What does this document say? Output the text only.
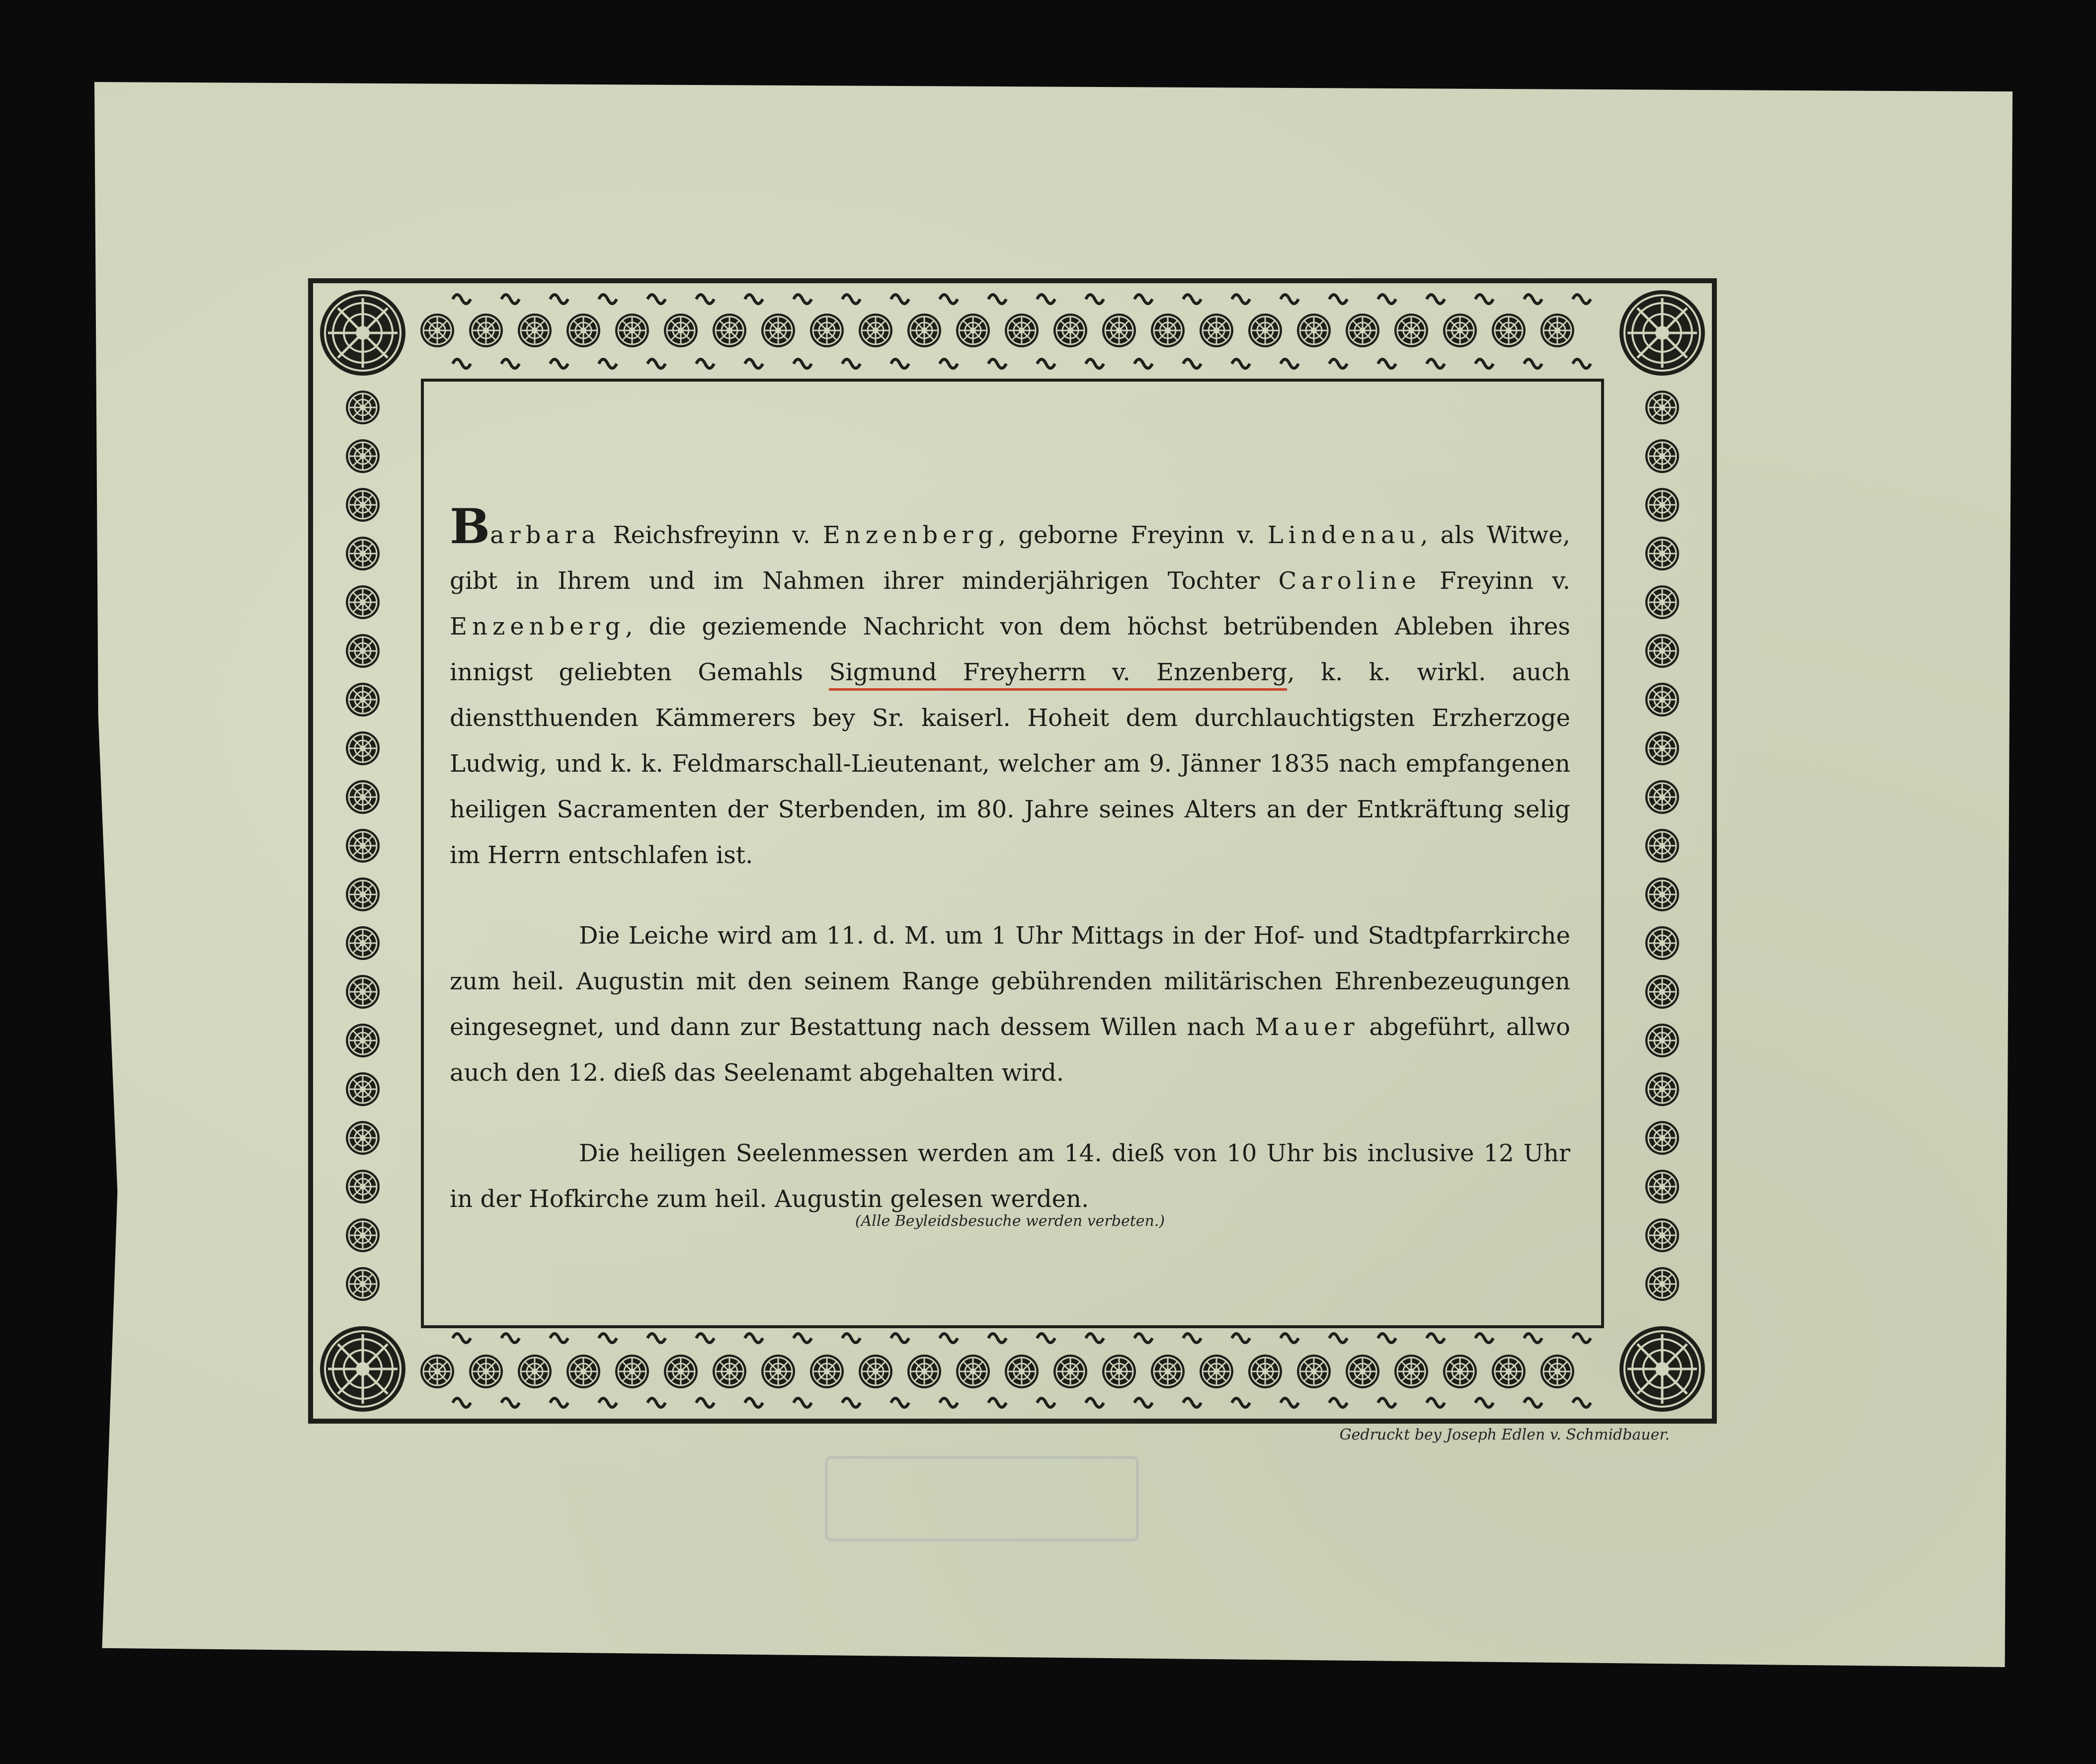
Barbara Reichsfreyinn v. Enzenberg, geborne Freyinn v. Lindenau, als Witwe, gibt in Ihrem und im Nahmen ihrer minderjährigen Tochter Caroline Freyinn v. Enzenberg, die geziemende Nachricht von dem höchst betrübenden Ableben ihres innigst geliebten Gemahls Sigmund Freyherrn v. Enzenberg, k. k. wirkl. auch dienstthuenden Kämmerers bey Sr. kaiserl. Hoheit dem durchlauchtigsten Erzherzoge Ludwig, und k. k. Feldmarschall-Lieutenant, welcher am 9. Jänner 1835 nach empfangenen heiligen Sacramenten der Sterbenden, im 80. Jahre seines Alters an der Entkräftung selig im Herrn entschlafen ist.

Die Leiche wird am 11. d. M. um 1 Uhr Mittags in der Hof- und Stadtpfarrkirche zum heil. Augustin mit den seinem Range gebührenden militärischen Ehrenbezeugungen eingesegnet, und dann zur Bestattung nach dessem Willen nach Mauer abgeführt, allwo auch den 12. dieß das Seelenamt abgehalten wird.

Die heiligen Seelenmessen werden am 14. dieß von 10 Uhr bis inclusive 12 Uhr in der Hofkirche zum heil. Augustin gelesen werden.

(Alle Beyleidsbesuche werden verbeten.)
Gedruckt bey Joseph Edlen v. Schmidbauer.
